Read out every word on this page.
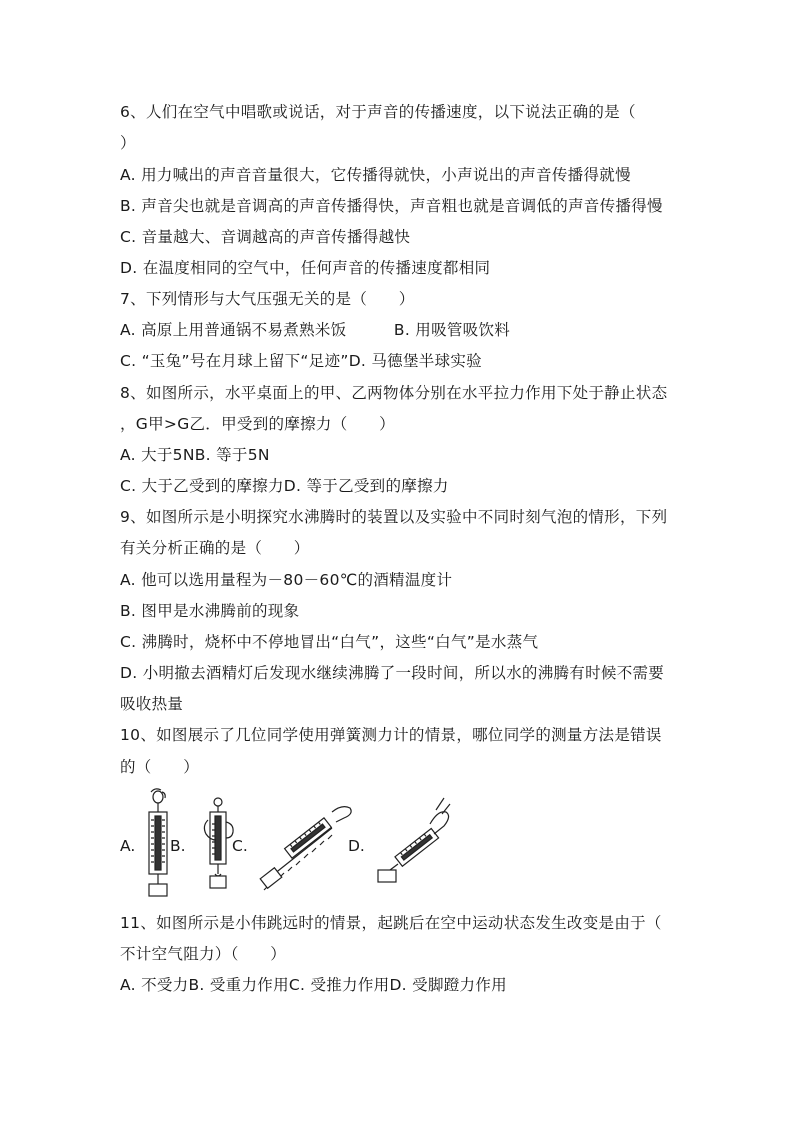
6、人们在空气中唱歌或说话，对于声音的传播速度，以下说法正确的是（
）
A. 用力喊出的声音音量很大，它传播得就快，小声说出的声音传播得就慢
B. 声音尖也就是音调高的声音传播得快，声音粗也就是音调低的声音传播得慢
C. 音量越大、音调越高的声音传播得越快
D. 在温度相同的空气中，任何声音的传播速度都相同
7、下列情形与大气压强无关的是（　　）
A. 高原上用普通锅不易煮熟米饭　　　B. 用吸管吸饮料
C. “玉兔”号在月球上留下“足迹”D. 马德堡半球实验
8、如图所示，水平桌面上的甲、乙两物体分别在水平拉力作用下处于静止状态
，G甲>G乙．甲受到的摩擦力（　　）
A. 大于5NB. 等于5N
C. 大于乙受到的摩擦力D. 等于乙受到的摩擦力
9、如图所示是小明探究水沸腾时的装置以及实验中不同时刻气泡的情形，下列
有关分析正确的是（　　）
A. 他可以选用量程为－80－60℃的酒精温度计
B. 图甲是水沸腾前的现象
C. 沸腾时，烧杯中不停地冒出“白气”，这些“白气”是水蒸气
D. 小明撤去酒精灯后发现水继续沸腾了一段时间，所以水的沸腾有时候不需要
吸收热量
10、如图展示了几位同学使用弹簧测力计的情景，哪位同学的测量方法是错误
的（　　）
A. B.	C.	D.
11、如图所示是小伟跳远时的情景，起跳后在空中运动状态发生改变是由于（
不计空气阻力）（　　）
A. 不受力B. 受重力作用C. 受推力作用D. 受脚蹬力作用
